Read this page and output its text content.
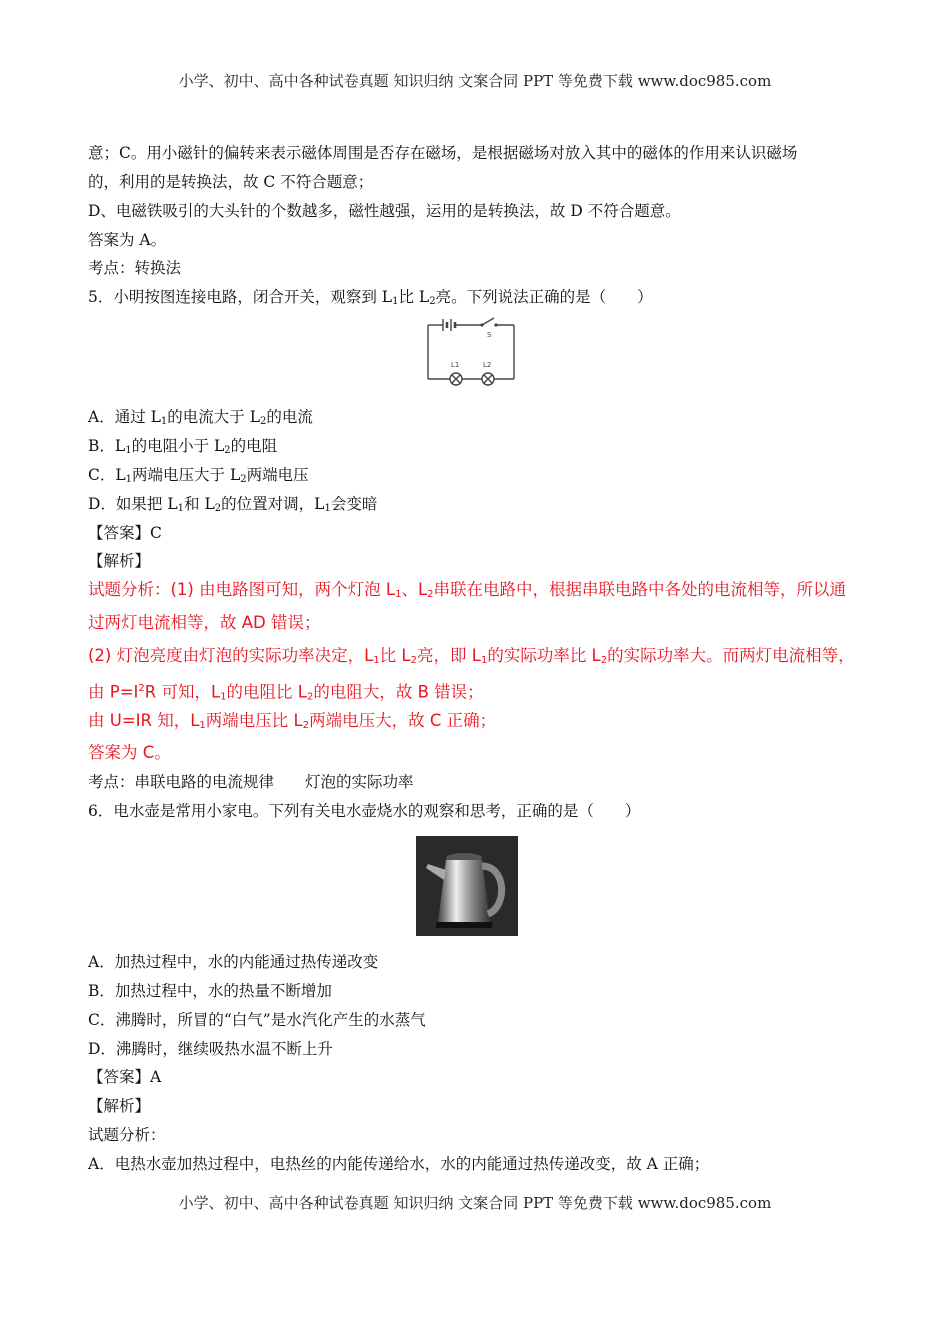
小学、初中、高中各种试卷真题 知识归纳 文案合同 PPT 等免费下载 www.doc985.com
意；C。用小磁针的偏转来表示磁体周围是否存在磁场，是根据磁场对放入其中的磁体的作用来认识磁场
的，利用的是转换法，故 C 不符合题意；
D、电磁铁吸引的大头针的个数越多，磁性越强，运用的是转换法，故 D 不符合题意。
答案为 A。
考点：转换法
5．小明按图连接电路，闭合开关，观察到 $L_1$比 $L_2$亮。下列说法正确的是（　　）
S
L1	L2
A．通过 $L_1$的电流大于 $L_2$的电流
B．$L_1$的电阻小于 $L_2$的电阻
C．$L_1$两端电压大于 $L_2$两端电压
D．如果把 $L_1$和 $L_2$的位置对调，$L_1$会变暗
【答案】C
【解析】
试题分析：(1) 由电路图可知，两个灯泡 $L_1$、$L_2$串联在电路中，根据串联电路中各处的电流相等，所以通
过两灯电流相等，故 AD 错误；
(2) 灯泡亮度由灯泡的实际功率决定，$L_1$比 $L_2$亮，即 $L_1$的实际功率比 $L_2$的实际功率大。而两灯电流相等，
由 $P=I^2R$ 可知，$L_1$的电阻比 $L_2$的电阻大，故 B 错误；
由 U=IR 知，$L_1$两端电压比 $L_2$两端电压大，故 C 正确；
答案为 C。
考点：串联电路的电流规律　　灯泡的实际功率
6．电水壶是常用小家电。下列有关电水壶烧水的观察和思考，正确的是（　　）
A．加热过程中，水的内能通过热传递改变
B．加热过程中，水的热量不断增加
C．沸腾时，所冒的“白气”是水汽化产生的水蒸气
D．沸腾时，继续吸热水温不断上升
【答案】A
【解析】
试题分析：
A．电热水壶加热过程中，电热丝的内能传递给水，水的内能通过热传递改变，故 A 正确；
小学、初中、高中各种试卷真题 知识归纳 文案合同 PPT 等免费下载 www.doc985.com
